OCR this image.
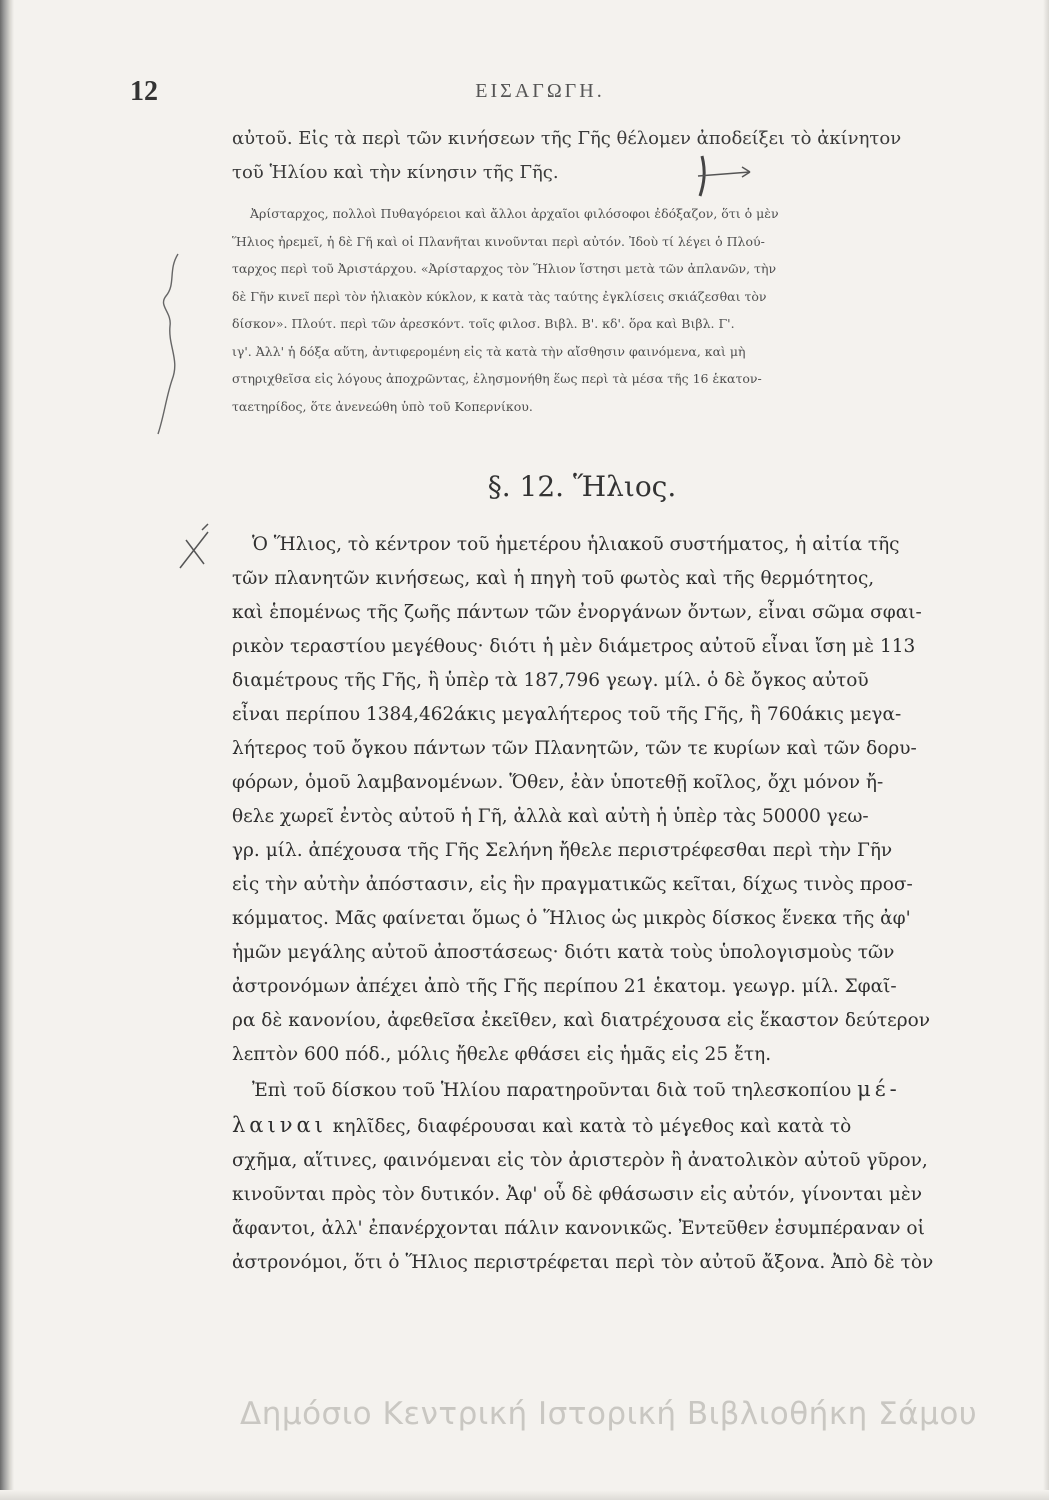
12	ΕΙΣΑΓΩΓΗ.

αὐτοῦ. Εἰς τὰ περὶ τῶν κινήσεων τῆς Γῆς θέλομεν ἀποδείξει τὸ ἀκίνητον

τοῦ Ἡλίου καὶ τὴν κίνησιν τῆς Γῆς.

Ἀρίσταρχος, πολλοὶ Πυθαγόρειοι καὶ ἄλλοι ἀρχαῖοι φιλόσοφοι ἐδόξαζον, ὅτι ὁ μὲν

Ἥλιος ἠρεμεῖ, ἡ δὲ Γῆ καὶ οἱ Πλανῆται κινοῦνται περὶ αὐτόν. Ἰδοὺ τί λέγει ὁ Πλού-

ταρχος περὶ τοῦ Ἀριστάρχου. «Ἀρίσταρχος τὸν Ἥλιον ἵστησι μετὰ τῶν ἀπλανῶν, τὴν

δὲ Γῆν κινεῖ περὶ τὸν ἡλιακὸν κύκλον, κ κατὰ τὰς ταύτης ἐγκλίσεις σκιάζεσθαι τὸν

δίσκον». Πλούτ. περὶ τῶν ἀρεσκόντ. τοῖς φιλοσ. Βιβλ. Β'. κδ'. ὅρα καὶ Βιβλ. Γ'.

ιγ'. Ἀλλ' ἡ δόξα αὕτη, ἀντιφερομένη εἰς τὰ κατὰ τὴν αἴσθησιν φαινόμενα, καὶ μὴ

στηριχθεῖσα εἰς λόγους ἀποχρῶντας, ἐλησμονήθη ἕως περὶ τὰ μέσα τῆς 16 ἑκατον-

ταετηρίδος, ὅτε ἀνενεώθη ὑπὸ τοῦ Κοπερνίκου.

§. 12. Ἥλιος.

Ὁ Ἥλιος, τὸ κέντρον τοῦ ἡμετέρου ἡλιακοῦ συστήματος, ἡ αἰτία τῆς

τῶν πλανητῶν κινήσεως, καὶ ἡ πηγὴ τοῦ φωτὸς καὶ τῆς θερμότητος,

καὶ ἑπομένως τῆς ζωῆς πάντων τῶν ἐνοργάνων ὄντων, εἶναι σῶμα σφαι-

ρικὸν τεραστίου μεγέθους· διότι ἡ μὲν διάμετρος αὐτοῦ εἶναι ἴση μὲ 113

διαμέτρους τῆς Γῆς, ἢ ὑπὲρ τὰ 187,796 γεωγ. μίλ. ὁ δὲ ὄγκος αὐτοῦ

εἶναι περίπου 1384,462άκις μεγαλήτερος τοῦ τῆς Γῆς, ἢ 760άκις μεγα-

λήτερος τοῦ ὄγκου πάντων τῶν Πλανητῶν, τῶν τε κυρίων καὶ τῶν δορυ-

φόρων, ὁμοῦ λαμβανομένων. Ὅθεν, ἐὰν ὑποτεθῇ κοῖλος, ὄχι μόνον ἤ-

θελε χωρεῖ ἐντὸς αὐτοῦ ἡ Γῆ, ἀλλὰ καὶ αὐτὴ ἡ ὑπὲρ τὰς 50000 γεω-

γρ. μίλ. ἀπέχουσα τῆς Γῆς Σελήνη ἤθελε περιστρέφεσθαι περὶ τὴν Γῆν

εἰς τὴν αὐτὴν ἀπόστασιν, εἰς ἣν πραγματικῶς κεῖται, δίχως τινὸς προσ-

κόμματος. Μᾶς φαίνεται ὅμως ὁ Ἥλιος ὡς μικρὸς δίσκος ἕνεκα τῆς ἀφ'

ἡμῶν μεγάλης αὐτοῦ ἀποστάσεως· διότι κατὰ τοὺς ὑπολογισμοὺς τῶν

ἀστρονόμων ἀπέχει ἀπὸ τῆς Γῆς περίπου 21 ἑκατομ. γεωγρ. μίλ. Σφαῖ-

ρα δὲ κανονίου, ἀφεθεῖσα ἐκεῖθεν, καὶ διατρέχουσα εἰς ἕκαστον δεύτερον

λεπτὸν 600 πόδ., μόλις ἤθελε φθάσει εἰς ἡμᾶς εἰς 25 ἔτη.

Ἐπὶ τοῦ δίσκου τοῦ Ἡλίου παρατηροῦνται διὰ τοῦ τηλεσκοπίου μέ-

λαιναι κηλῖδες, διαφέρουσαι καὶ κατὰ τὸ μέγεθος καὶ κατὰ τὸ

σχῆμα, αἵτινες, φαινόμεναι εἰς τὸν ἀριστερὸν ἢ ἀνατολικὸν αὐτοῦ γῦρον,

κινοῦνται πρὸς τὸν δυτικόν. Ἀφ' οὗ δὲ φθάσωσιν εἰς αὐτόν, γίνονται μὲν

ἄφαντοι, ἀλλ' ἐπανέρχονται πάλιν κανονικῶς. Ἐντεῦθεν ἐσυμπέραναν οἱ

ἀστρονόμοι, ὅτι ὁ Ἥλιος περιστρέφεται περὶ τὸν αὐτοῦ ἄξονα. Ἀπὸ δὲ τὸν

Δημόσιο Κεντρική Ιστορική Βιβλιοθήκη Σάμου
